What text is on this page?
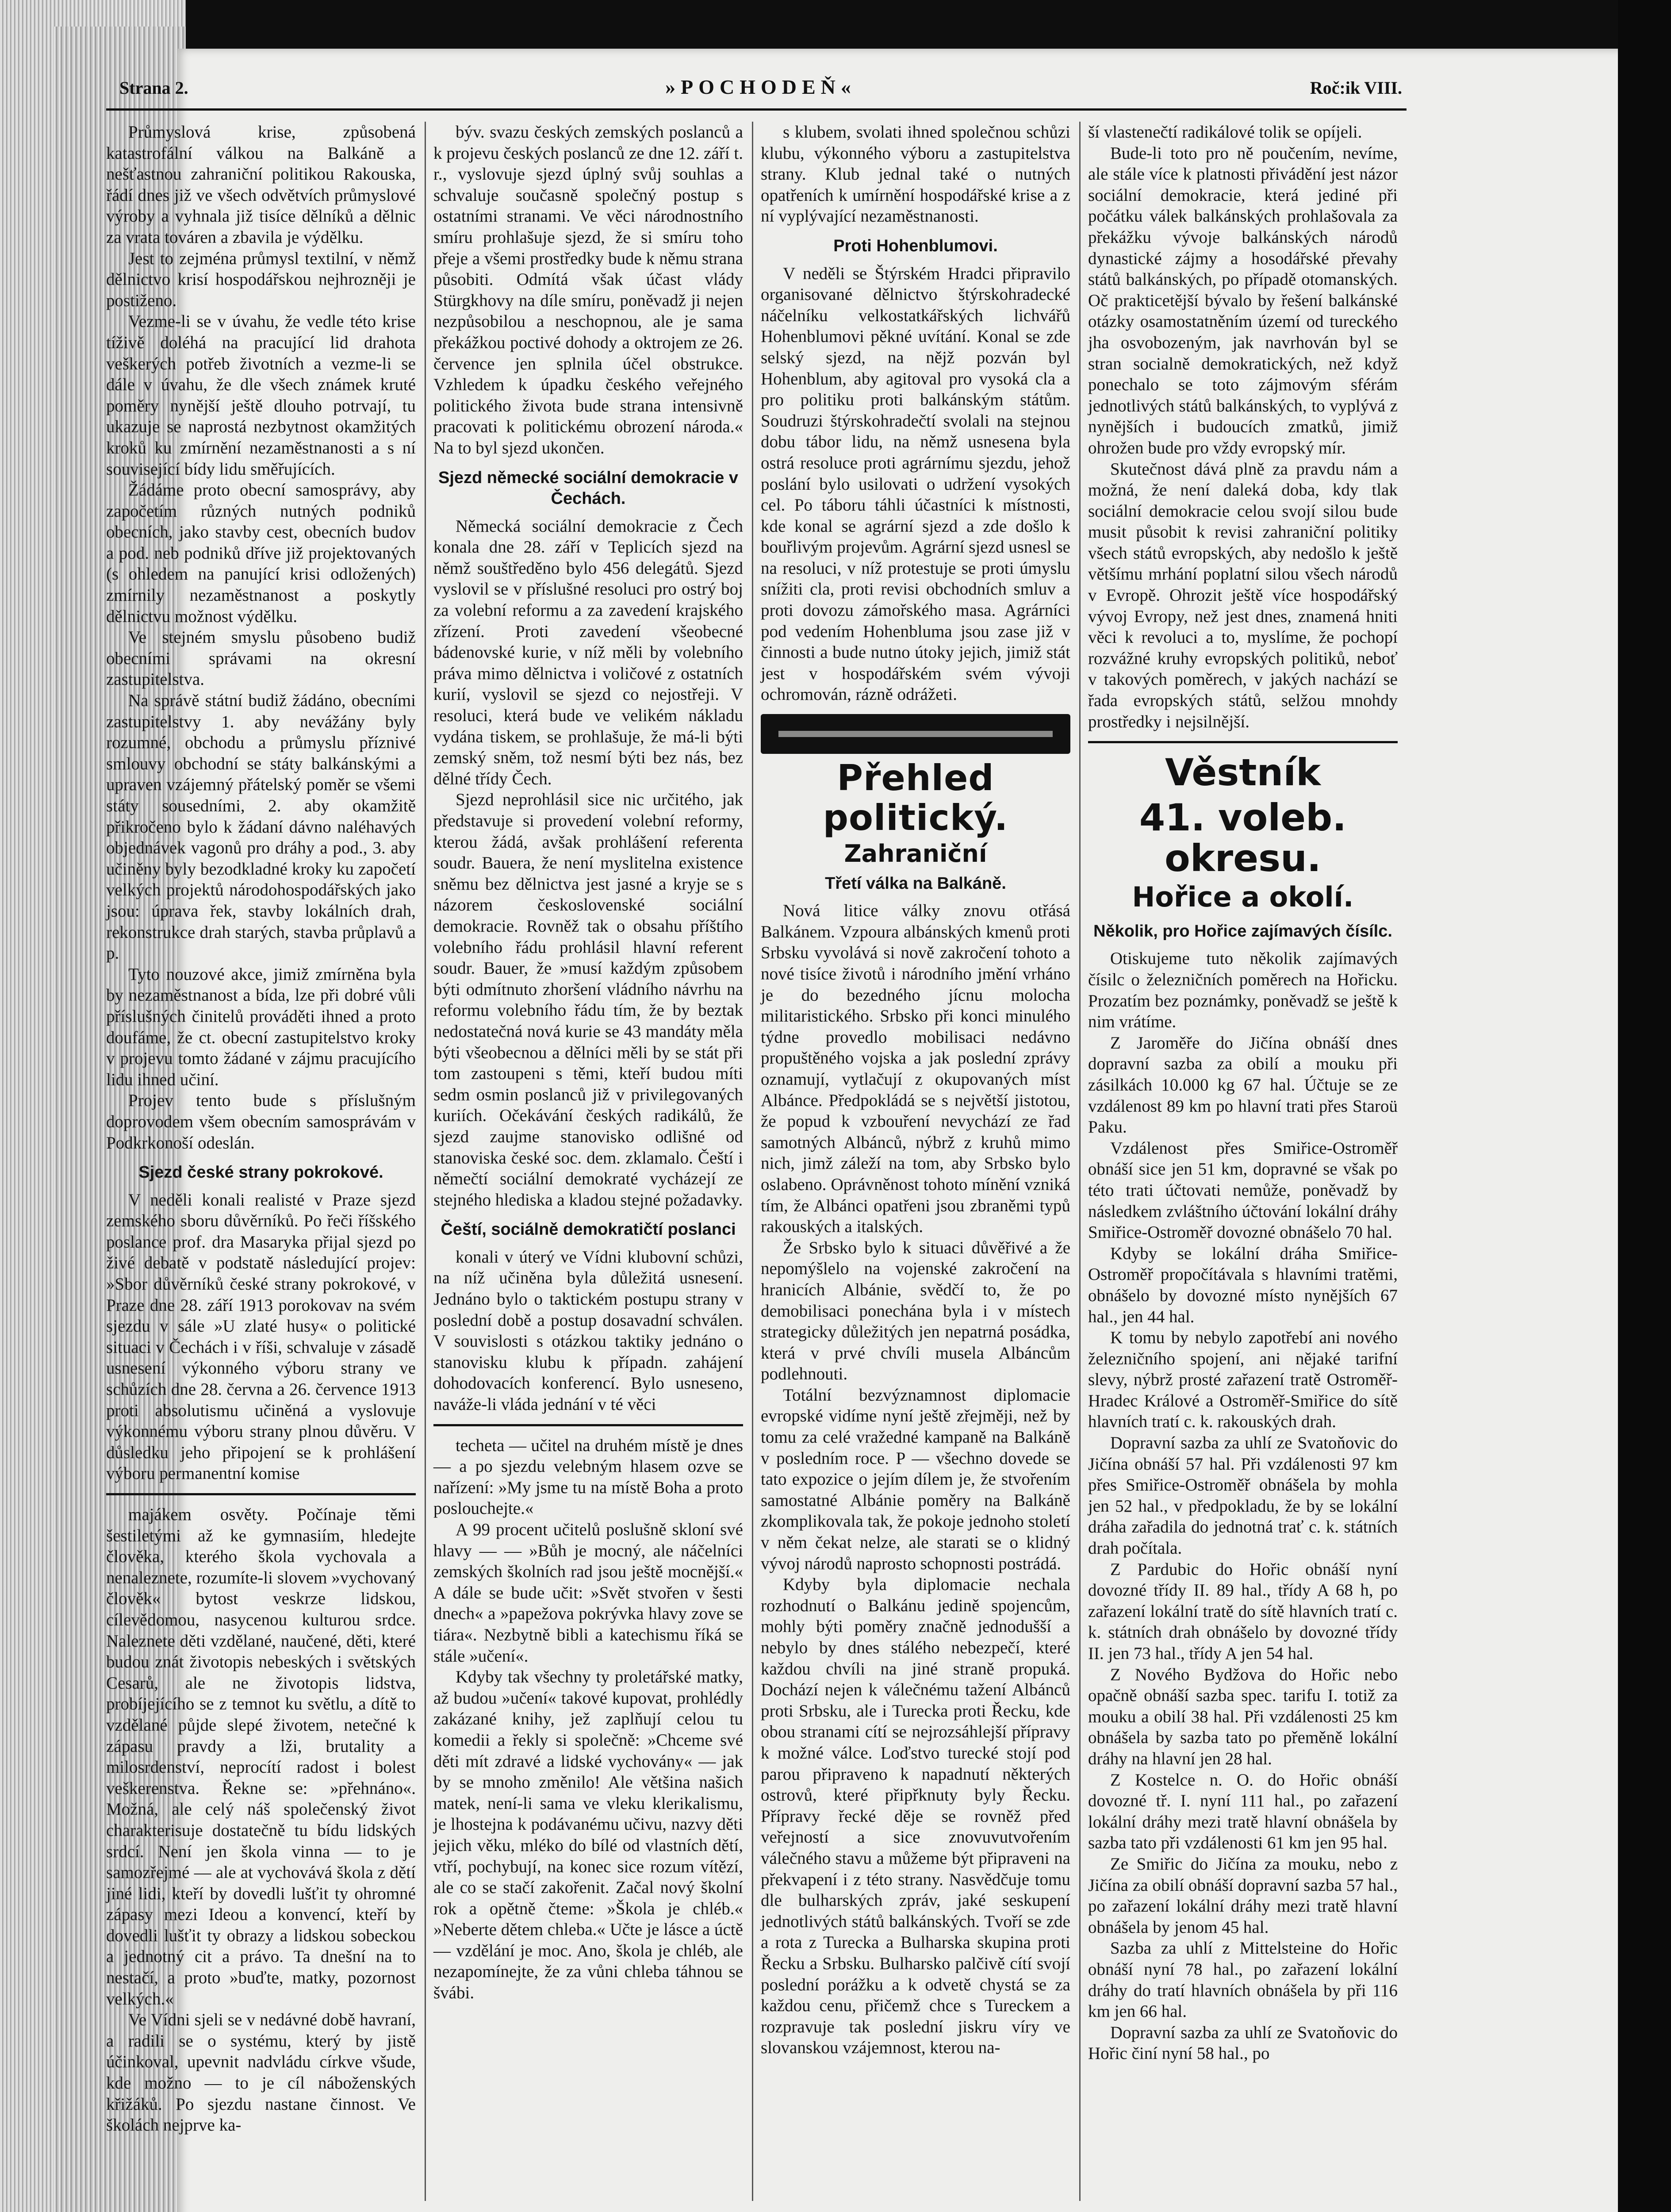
Strana 2.	»POCHODEŇ«	Roč:ik VIII.

Průmyslová krise, způsobená katastrofální válkou na Balkáně a nešťastnou zahraniční politikou Rakouska, řádí dnes již ve všech odvětvích průmyslové výroby a vyhnala již tisíce dělníků a dělnic za vrata továren a zbavila je výdělku.

Jest to zejména průmysl textilní, v němž dělnictvo krisí hospodářskou nejhrozněji je postiženo.

Vezme-li se v úvahu, že vedle této krise tíživě doléhá na pracující lid drahota veškerých potřeb životních a vezme-li se dále v úvahu, že dle všech známek kruté poměry nynější ještě dlouho potrvají, tu ukazuje se naprostá nezbytnost okamžitých kroků ku zmírnění nezaměstnanosti a s ní související bídy lidu směřujících.

Žádáme proto obecní samosprávy, aby započetím různých nutných podniků obecních, jako stavby cest, obecních budov a pod. neb podniků dříve již projektovaných (s ohledem na panující krisi odložených) zmírnily nezaměstnanost a poskytly dělnictvu možnost výdělku.

Ve stejném smyslu působeno budiž obecními správami na okresní zastupitelstva.

Na správě státní budiž žádáno, obecními zastupitelstvy 1. aby nevážány byly rozumné, obchodu a průmyslu příznivé smlouvy obchodní se státy balkánskými a upraven vzájemný přátelský poměr se všemi státy sousedními, 2. aby okamžitě přikročeno bylo k žádaní dávno naléhavých objednávek vagonů pro dráhy a pod., 3. aby učiněny byly bezodkladné kroky ku započetí velkých projektů národohospodářských jako jsou: úprava řek, stavby lokálních drah, rekonstrukce drah starých, stavba průplavů a p.

Tyto nouzové akce, jimiž zmírněna byla by nezaměstnanost a bída, lze při dobré vůli příslušných činitelů prováděti ihned a proto doufáme, že ct. obecní zastupitelstvo kroky v projevu tomto žádané v zájmu pracujícího lidu ihned učiní.

Projev tento bude s příslušným doprovodem všem obecním samosprávám v Podkrkonoší odeslán.

Sjezd české strany pokrokové.

V neděli konali realisté v Praze sjezd zemského sboru důvěrníků. Po řeči říšského poslance prof. dra Masaryka přijal sjezd po živé debatě v podstatě následující projev: »Sbor důvěrníků české strany pokrokové, v Praze dne 28. září 1913 porokovav na svém sjezdu v sále »U zlaté husy« o politické situaci v Čechách i v říši, schvaluje v zásadě usnesení výkonného výboru strany ve schůzích dne 28. června a 26. července 1913 proti absolutismu učiněná a vyslovuje výkonnému výboru strany plnou důvěru. V důsledku jeho připojení se k prohlášení výboru permanentní komise

majákem osvěty. Počínaje těmi šestiletými až ke gymnasiím, hledejte člověka, kterého škola vychovala a nenaleznete, rozumíte-li slovem »vychovaný člověk« bytost veskrze lidskou, cílevědomou, nasycenou kulturou srdce. Naleznete děti vzdělané, naučené, děti, které budou znát životopis nebeských i světských Cesarů, ale ne životopis lidstva, probíjejícího se z temnot ku světlu, a dítě to vzdělané půjde slepé životem, netečné k zápasu pravdy a lži, brutality a milosrdenství, neprocítí radost i bolest veškerenstva. Řekne se: »přehnáno«. Možná, ale celý náš společenský život charakterisuje dostatečně tu bídu lidských srdcí. Není jen škola vinna — to je samozřejmé — ale at vychovává škola z dětí jiné lidi, kteří by dovedli lušťit ty ohromné zápasy mezi Ideou a konvencí, kteří by dovedli lušťit ty obrazy a lidskou sobeckou a jednotný cit a právo. Ta dnešní na to nestačí, a proto »buďte, matky, pozornost velkých.«

Ve Vídni sjeli se v nedávné době havraní, a radili se o systému, který by jistě účinkoval, upevnit nadvládu církve všude, kde možno — to je cíl náboženských křižáků. Po sjezdu nastane činnost. Ve školách nejprve ka-

býv. svazu českých zemských poslanců a k projevu českých poslanců ze dne 12. září t. r., vyslovuje sjezd úplný svůj souhlas a schvaluje současně společný postup s ostatními stranami. Ve věci národnostního smíru prohlašuje sjezd, že si smíru toho přeje a všemi prostředky bude k němu strana působiti. Odmítá však účast vlády Stürgkhovy na díle smíru, poněvadž ji nejen nezpůsobilou a neschopnou, ale je sama překážkou poctivé dohody a oktrojem ze 26. července jen splnila účel obstrukce. Vzhledem k úpadku českého veřejného politického života bude strana intensivně pracovati k politickému obrození národa.« Na to byl sjezd ukončen.

Sjezd německé sociální demokracie v Čechách.

Německá sociální demokracie z Čech konala dne 28. září v Teplicích sjezd na němž souštředěno bylo 456 delegátů. Sjezd vyslovil se v příslušné resoluci pro ostrý boj za volební reformu a za zavedení krajského zřízení. Proti zavedení všeobecné bádenovské kurie, v níž měli by volebního práva mimo dělnictva i voličové z ostatních kurií, vyslovil se sjezd co nejostřeji. V resoluci, která bude ve velikém nákladu vydána tiskem, se prohlašuje, že má-li býti zemský sněm, tož nesmí býti bez nás, bez dělné třídy Čech.

Sjezd neprohlásil sice nic určitého, jak představuje si provedení volební reformy, kterou žádá, avšak prohlášení referenta soudr. Bauera, že není myslitelna existence sněmu bez dělnictva jest jasné a kryje se s názorem československé sociální demokracie. Rovněž tak o obsahu příštího volebního řádu prohlásil hlavní referent soudr. Bauer, že »musí každým způsobem býti odmítnuto zhoršení vládního návrhu na reformu volebního řádu tím, že by beztak nedostatečná nová kurie se 43 mandáty měla býti všeobecnou a dělníci měli by se stát při tom zastoupeni s těmi, kteří budou míti sedm osmin poslanců již v privilegovaných kuriích. Očekávání českých radikálů, že sjezd zaujme stanovisko odlišné od stanoviska české soc. dem. zklamalo. Čeští i němečtí sociální demokraté vycházejí ze stejného hlediska a kladou stejné požadavky.

Čeští, sociálně demokratičtí poslanci

konali v úterý ve Vídni klubovní schůzi, na níž učiněna byla důležitá usnesení. Jednáno bylo o taktickém postupu strany v poslední době a postup dosavadní schválen. V souvislosti s otázkou taktiky jednáno o stanovisku klubu k případn. zahájení dohodovacích konferencí. Bylo usneseno, naváže-li vláda jednání v té věci

techeta — učitel na druhém místě je dnes — a po sjezdu velebným hlasem ozve se nařízení: »My jsme tu na místě Boha a proto poslouchejte.«

A 99 procent učitelů poslušně skloní své hlavy — — »Bůh je mocný, ale náčelníci zemských školních rad jsou ještě mocnější.« A dále se bude učit: »Svět stvořen v šesti dnech« a »papežova pokrývka hlavy zove se tiára«. Nezbytně bibli a katechismu říká se stále »učení«.

Kdyby tak všechny ty proletářské matky, až budou »učení« takové kupovat, prohlédly zakázané knihy, jež zaplňují celou tu komedii a řekly si společně: »Chceme své děti mít zdravé a lidské vychovány« — jak by se mnoho změnilo! Ale většina našich matek, není-li sama ve vleku klerikalismu, je lhostejna k podávanému učivu, nazvy děti jejich věku, mléko do bílé od vlastních dětí, vtří, pochybují, na konec sice rozum vítězí, ale co se stačí zakořenit. Začal nový školní rok a opětně čteme: »Škola je chléb.« »Neberte dětem chleba.« Učte je lásce a úctě — vzdělání je moc. Ano, škola je chléb, ale nezapomínejte, že za vůni chleba táhnou se švábi.

s klubem, svolati ihned společnou schůzi klubu, výkonného výboru a zastupitelstva strany. Klub jednal také o nutných opatřeních k umírnění hospodářské krise a z ní vyplývající nezaměstnanosti.

Proti Hohenblumovi.

V neděli se Štýrském Hradci připravilo organisované dělnictvo štýrskohradecké náčelníku velkostatkářských lichvářů Hohenblumovi pěkné uvítání. Konal se zde selský sjezd, na nějž pozván byl Hohenblum, aby agitoval pro vysoká cla a pro politiku proti balkánským státům. Soudruzi štýrskohradečtí svolali na stejnou dobu tábor lidu, na němž usnesena byla ostrá resoluce proti agrárnímu sjezdu, jehož poslání bylo usilovati o udržení vysokých cel. Po táboru táhli účastníci k místnosti, kde konal se agrární sjezd a zde došlo k bouřlivým projevům. Agrární sjezd usnesl se na resoluci, v níž protestuje se proti úmyslu snížiti cla, proti revisi obchodních smluv a proti dovozu zámořského masa. Agrárníci pod vedením Hohenbluma jsou zase již v činnosti a bude nutno útoky jejich, jimiž stát jest v hospodářském svém vývoji ochromován, rázně odrážeti.

Přehled politický.
Zahraniční
Třetí válka na Balkáně.

Nová litice války znovu otřásá Balkánem. Vzpoura albánských kmenů proti Srbsku vyvolává si nově zakročení tohoto a nové tisíce životů i národního jmění vrháno je do bezedného jícnu molocha militaristického. Srbsko při konci minulého týdne provedlo mobilisaci nedávno propuštěného vojska a jak poslední zprávy oznamují, vytlačují z okupovaných míst Albánce. Předpokládá se s největší jistotou, že popud k vzbouření nevychází ze řad samotných Albánců, nýbrž z kruhů mimo nich, jimž záleží na tom, aby Srbsko bylo oslabeno. Oprávněnost tohoto mínění vzniká tím, že Albánci opatřeni jsou zbraněmi typů rakouských a italských.

Že Srbsko bylo k situaci důvěřivé a že nepomýšlelo na vojenské zakročení na hranicích Albánie, svědčí to, že po demobilisaci ponechána byla i v místech strategicky důležitých jen nepatrná posádka, která v prvé chvíli musela Albáncům podlehnouti.

Totální bezvýznamnost diplomacie evropské vidíme nyní ještě zřejměji, než by tomu za celé vražedné kampaně na Balkáně v posledním roce. P — všechno dovede se tato expozice o jejím dílem je, že stvořením samostatné Albánie poměry na Balkáně zkomplikovala tak, že pokoje jednoho století v něm čekat nelze, ale starati se o klidný vývoj národů naprosto schopnosti postrádá.

Kdyby byla diplomacie nechala rozhodnutí o Balkánu jedině spojencům, mohly býti poměry značně jednodušší a nebylo by dnes stálého nebezpečí, které každou chvíli na jiné straně propuká. Dochází nejen k válečnému tažení Albánců proti Srbsku, ale i Turecka proti Řecku, kde obou stranami cítí se nejrozsáhlejší přípravy k možné válce. Loďstvo turecké stojí pod parou připraveno k napadnutí některých ostrovů, které připřknuty byly Řecku. Přípravy řecké děje se rovněž před veřejností a sice znovuvutvořením válečného stavu a můžeme být připraveni na překvapení i z této strany. Nasvědčuje tomu dle bulharských zpráv, jaké seskupení jednotlivých států balkánských. Tvoří se zde a rota z Turecka a Bulharska skupina proti Řecku a Srbsku. Bulharsko palčivě cítí svojí poslední porážku a k odvetě chystá se za každou cenu, přičemž chce s Tureckem a rozpravuje tak poslední jiskru víry ve slovanskou vzájemnost, kterou na-

ší vlastenečtí radikálové tolik se opíjeli.

Bude-li toto pro ně poučením, nevíme, ale stále více k platnosti přivádění jest názor sociální demokracie, která jediné při počátku válek balkánských prohlašovala za překážku vývoje balkánských národů dynastické zájmy a hosodářské převahy států balkánských, po případě otomanských. Oč prakticetější bývalo by řešení balkánské otázky osamostatněním území od tureckého jha osvobozeným, jak navrhován byl se stran socialně demokratických, než když ponechalo se toto zájmovým sférám jednotlivých států balkánských, to vyplývá z nynějších i budoucích zmatků, jimiž ohrožen bude pro vždy evropský mír.

Skutečnost dává plně za pravdu nám a možná, že není daleká doba, kdy tlak sociální demokracie celou svojí silou bude musit působit k revisi zahraniční politiky všech států evropských, aby nedošlo k ještě většímu mrhání poplatní silou všech národů v Evropě. Ohrozit ještě více hospodářský vývoj Evropy, než jest dnes, znamená hniti věci k revoluci a to, myslíme, že pochopí rozvážné kruhy evropských politiků, neboť v takových poměrech, v jakých nachází se řada evropských států, selžou mnohdy prostředky i nejsilnější.

Věstník
41. voleb. okresu.
Hořice a okolí.
Několik, pro Hořice zajímavých čísílc.

Otiskujeme tuto několik zajímavých čísilc o železničních poměrech na Hořicku. Prozatím bez poznámky, poněvadž se ještě k nim vrátíme.

Z Jaroměře do Jičína obnáší dnes dopravní sazba za obilí a mouku při zásilkách 10.000 kg 67 hal. Účtuje se ze vzdálenost 89 km po hlavní trati přes Staroü Paku.

Vzdálenost přes Smiřice-Ostroměř obnáší sice jen 51 km, dopravné se však po této trati účtovati nemůže, poněvadž by následkem zvláštního účtování lokální dráhy Smiřice-Ostroměř dovozné obnášelo 70 hal.

Kdyby se lokální dráha Smiřice-Ostroměř propočítávala s hlavními tratěmi, obnášelo by dovozné místo nynějších 67 hal., jen 44 hal.

K tomu by nebylo zapotřebí ani nového železničního spojení, ani nějaké tarifní slevy, nýbrž prosté zařazení tratě Ostroměř-Hradec Králové a Ostroměř-Smiřice do sítě hlavních tratí c. k. rakouských drah.

Dopravní sazba za uhlí ze Svatoňovic do Jičína obnáší 57 hal. Při vzdálenosti 97 km přes Smiřice-Ostroměř obnášela by mohla jen 52 hal., v předpokladu, že by se lokální dráha zařadila do jednotná trať c. k. státních drah počítala.

Z Pardubic do Hořic obnáší nyní dovozné třídy II. 89 hal., třídy A 68 h, po zařazení lokální tratě do sítě hlavních tratí c. k. státních drah obnášelo by dovozné třídy II. jen 73 hal., třídy A jen 54 hal.

Z Nového Bydžova do Hořic nebo opačně obnáší sazba spec. tarifu I. totiž za mouku a obilí 38 hal. Při vzdálenosti 25 km obnášela by sazba tato po přeměně lokální dráhy na hlavní jen 28 hal.

Z Kostelce n. O. do Hořic obnáší dovozné tř. I. nyní 111 hal., po zařazení lokální dráhy mezi tratě hlavní obnášela by sazba tato při vzdálenosti 61 km jen 95 hal.

Ze Smiřic do Jičína za mouku, nebo z Jičína za obilí obnáší dopravní sazba 57 hal., po zařazení lokální dráhy mezi tratě hlavní obnášela by jenom 45 hal.

Sazba za uhlí z Mittelsteine do Hořic obnáší nyní 78 hal., po zařazení lokální dráhy do tratí hlavních obnášela by při 116 km jen 66 hal.

Dopravní sazba za uhlí ze Svatoňovic do Hořic činí nyní 58 hal., po
